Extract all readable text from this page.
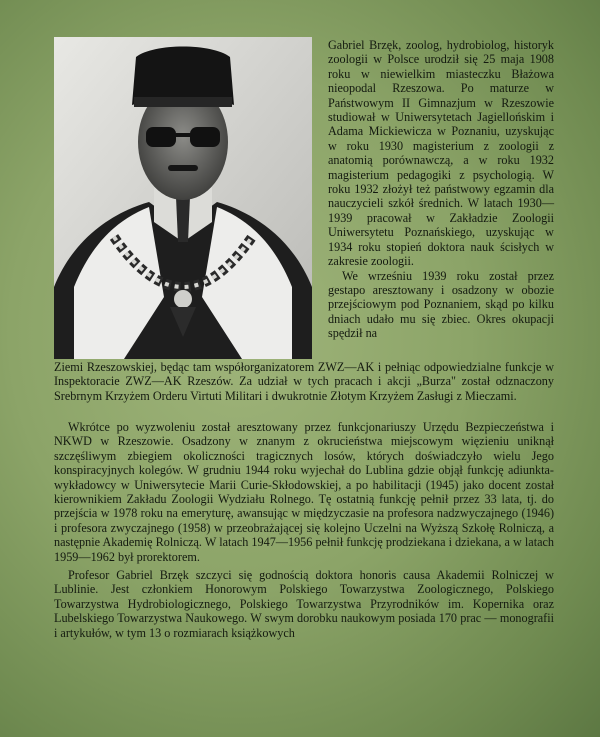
Gabriel Brzęk, zoolog, hydrobiolog, historyk zoologii w Polsce urodził się 25 maja 1908 roku w niewielkim miasteczku Błażowa nieopodal Rzeszowa. Po maturze w Państwowym II Gimnazjum w Rzeszowie studiował w Uniwersytetach Jagiellońskim i Adama Mickiewicza w Poznaniu, uzyskując w roku 1930 magisterium z zoologii z anatomią porównawczą, a w roku 1932 magisterium pedagogiki z psychologią. W roku 1932 złożył też państwowy egzamin dla nauczycieli szkół średnich. W latach 1930—1939 pracował w Zakładzie Zoologii Uniwersytetu Poznańskiego, uzyskując w 1934 roku stopień doktora nauk ścisłych w zakresie zoologii.

We wrześniu 1939 roku został przez gestapo aresztowany i osadzony w obozie przejściowym pod Poznaniem, skąd po kilku dniach udało mu się zbiec. Okres okupacji spędził na

Ziemi Rzeszowskiej, będąc tam współorganizatorem ZWZ—AK i pełniąc odpowiedzialne funkcje w Inspektoracie ZWZ—AK Rzeszów. Za udział w tych pracach i akcji „Burza" został odznaczony Srebrnym Krzyżem Orderu Virtuti Militari i dwukrotnie Złotym Krzyżem Zasługi z Mieczami.

Wkrótce po wyzwoleniu został aresztowany przez funkcjonariuszy Urzędu Bezpieczeństwa i NKWD w Rzeszowie. Osadzony w znanym z okrucieństwa miejscowym więzieniu uniknął szczęśliwym zbiegiem okoliczności tragicznych losów, których doświadczyło wielu Jego konspiracyjnych kolegów. W grudniu 1944 roku wyjechał do Lublina gdzie objął funkcję adiunkta-wykładowcy w Uniwersytecie Marii Curie-Skłodowskiej, a po habilitacji (1945) jako docent został kierownikiem Zakładu Zoologii Wydziału Rolnego. Tę ostatnią funkcję pełnił przez 33 lata, tj. do przejścia w 1978 roku na emeryturę, awansując w międzyczasie na profesora nadzwyczajnego (1946) i profesora zwyczajnego (1958) w przeobrażającej się kolejno Uczelni na Wyższą Szkołę Rolniczą, a następnie Akademię Rolniczą. W latach 1947—1956 pełnił funkcję prodziekana i dziekana, a w latach 1959—1962 był prorektorem.

Profesor Gabriel Brzęk szczyci się godnością doktora honoris causa Akademii Rolniczej w Lublinie. Jest członkiem Honorowym Polskiego Towarzystwa Zoologicznego, Polskiego Towarzystwa Hydrobiologicznego, Polskiego Towarzystwa Przyrodników im. Kopernika oraz Lubelskiego Towarzystwa Naukowego. W swym dorobku naukowym posiada 170 prac — monografii i artykułów, w tym 13 o rozmiarach książkowych
